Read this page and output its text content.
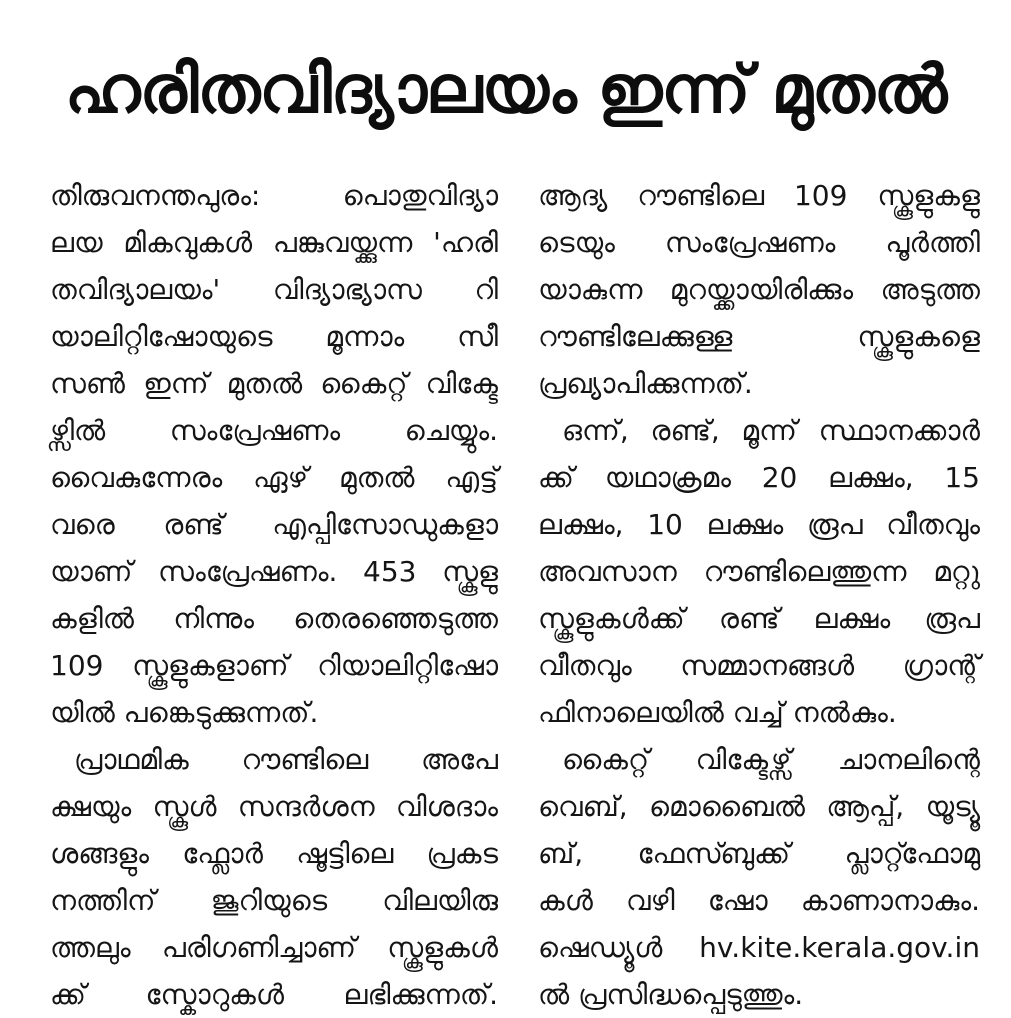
ഹരിതവിദ്യാലയം ഇന്ന് മുതൽ
തിരുവനന്തപുരം: പൊതുവിദ്യാ
ലയ മികവുകൾ പങ്കുവയ്ക്കുന്ന 'ഹരി
തവിദ്യാലയം' വിദ്യാഭ്യാസ റി
യാലിറ്റിഷോയുടെ മൂന്നാം സീ
സൺ ഇന്ന് മുതൽ കൈറ്റ് വിക്ടേ
ഴ്സിൽ സംപ്രേഷണം ചെയ്യും.
വൈകുന്നേരം ഏഴ് മുതൽ എട്ട്
വരെ രണ്ട് എപ്പിസോഡുകളാ
യാണ് സംപ്രേഷണം. 453 സ്കൂളു
കളിൽ നിന്നും തെരഞ്ഞെടുത്ത
109 സ്കൂളുകളാണ് റിയാലിറ്റിഷോ
യിൽ പങ്കെടുക്കുന്നത്.
പ്രാഥമിക റൗണ്ടിലെ അപേ
ക്ഷയും സ്കൂൾ സന്ദർശന വിശദാം
ശങ്ങളും ഫ്ലോർ ഷൂട്ടിലെ പ്രകട
നത്തിന് ജൂറിയുടെ വിലയിരു
ത്തലും പരിഗണിച്ചാണ് സ്കൂളുകൾ
ക്ക് സ്കോറുകൾ ലഭിക്കുന്നത്.
ആദ്യ റൗണ്ടിലെ 109 സ്കൂളുകളു
ടെയും സംപ്രേഷണം പൂർത്തി
യാകുന്ന മുറയ്ക്കായിരിക്കും അടുത്ത
റൗണ്ടിലേക്കുള്ള സ്കൂളുകളെ
പ്രഖ്യാപിക്കുന്നത്.
ഒന്ന്, രണ്ട്, മൂന്ന് സ്ഥാനക്കാർ
ക്ക് യഥാക്രമം 20 ലക്ഷം, 15
ലക്ഷം, 10 ലക്ഷം രൂപ വീതവും
അവസാന റൗണ്ടിലെത്തുന്ന മറ്റു
സ്കൂളുകൾക്ക് രണ്ട് ലക്ഷം രൂപ
വീതവും സമ്മാനങ്ങൾ ഗ്രാന്റ്
ഫിനാലെയിൽ വച്ച് നൽകും.
കൈറ്റ് വിക്ടേഴ്സ് ചാനലിന്റെ
വെബ്, മൊബൈൽ ആപ്പ്, യൂട്യൂ
ബ്, ഫേസ്ബുക്ക് പ്ലാറ്റ്ഫോമു
കൾ വഴി ഷോ കാണാനാകും.
ഷെഡ്യൂൾ hv.kite.kerala.gov.in
ൽ പ്രസിദ്ധപ്പെടുത്തും.
